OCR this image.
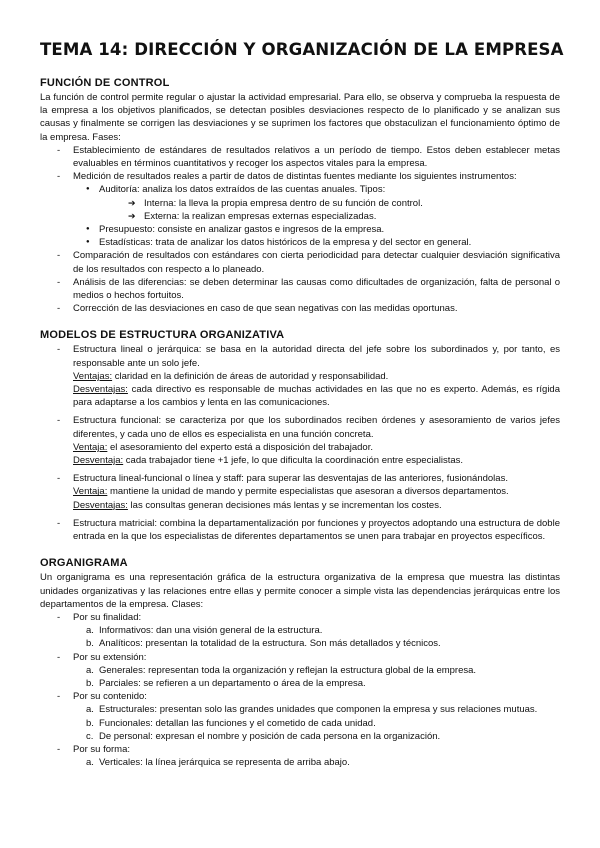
TEMA 14: DIRECCIÓN Y ORGANIZACIÓN DE LA EMPRESA
FUNCIÓN DE CONTROL

La función de control permite regular o ajustar la actividad empresarial. Para ello, se observa y comprueba la respuesta de la empresa a los objetivos planificados, se detectan posibles desviaciones respecto de lo planificado y se analizan sus causas y finalmente se corrigen las desviaciones y se suprimen los factores que obstaculizan el funcionamiento óptimo de la empresa. Fases:

- Establecimiento de estándares de resultados relativos a un período de tiempo. Estos deben establecer metas evaluables en términos cuantitativos y recoger los aspectos vitales para la empresa.
- Medición de resultados reales a partir de datos de distintas fuentes mediante los siguientes instrumentos:
● Auditoría: analiza los datos extraídos de las cuentas anuales. Tipos:
➔ Interna: la lleva la propia empresa dentro de su función de control.
➔ Externa: la realizan empresas externas especializadas.
● Presupuesto: consiste en analizar gastos e ingresos de la empresa.
● Estadísticas: trata de analizar los datos históricos de la empresa y del sector en general.
- Comparación de resultados con estándares con cierta periodicidad para detectar cualquier desviación significativa de los resultados con respecto a lo planeado.
- Análisis de las diferencias: se deben determinar las causas como dificultades de organización, falta de personal o medios o hechos fortuitos.
- Corrección de las desviaciones en caso de que sean negativas con las medidas oportunas.
MODELOS DE ESTRUCTURA ORGANIZATIVA
- Estructura lineal o jerárquica: se basa en la autoridad directa del jefe sobre los subordinados y, por tanto, es responsable ante un solo jefe.
Ventajas: claridad en la definición de áreas de autoridad y responsabilidad.
Desventajas: cada directivo es responsable de muchas actividades en las que no es experto. Además, es rígida para adaptarse a los cambios y lenta en las comunicaciones.
- Estructura funcional: se caracteriza por que los subordinados reciben órdenes y asesoramiento de varios jefes diferentes, y cada uno de ellos es especialista en una función concreta.
Ventaja: el asesoramiento del experto está a disposición del trabajador.
Desventaja: cada trabajador tiene +1 jefe, lo que dificulta la coordinación entre especialistas.
- Estructura lineal-funcional o línea y staff: para superar las desventajas de las anteriores, fusionándolas.
Ventaja: mantiene la unidad de mando y permite especialistas que asesoran a diversos departamentos.
Desventajas: las consultas generan decisiones más lentas y se incrementan los costes.
- Estructura matricial: combina la departamentalización por funciones y proyectos adoptando una estructura de doble entrada en la que los especialistas de diferentes departamentos se unen para trabajar en proyectos específicos.
ORGANIGRAMA

Un organigrama es una representación gráfica de la estructura organizativa de la empresa que muestra las distintas unidades organizativas y las relaciones entre ellas y permite conocer a simple vista las dependencias jerárquicas entre los departamentos de la empresa. Clases:

- Por su finalidad:
a. Informativos: dan una visión general de la estructura.
b. Analíticos: presentan la totalidad de la estructura. Son más detallados y técnicos.
- Por su extensión:
a. Generales: representan toda la organización y reflejan la estructura global de la empresa.
b. Parciales: se refieren a un departamento o área de la empresa.
- Por su contenido:
a. Estructurales: presentan solo las grandes unidades que componen la empresa y sus relaciones mutuas.
b. Funcionales: detallan las funciones y el cometido de cada unidad.
c. De personal: expresan el nombre y posición de cada persona en la organización.
- Por su forma:
a. Verticales: la línea jerárquica se representa de arriba abajo.
